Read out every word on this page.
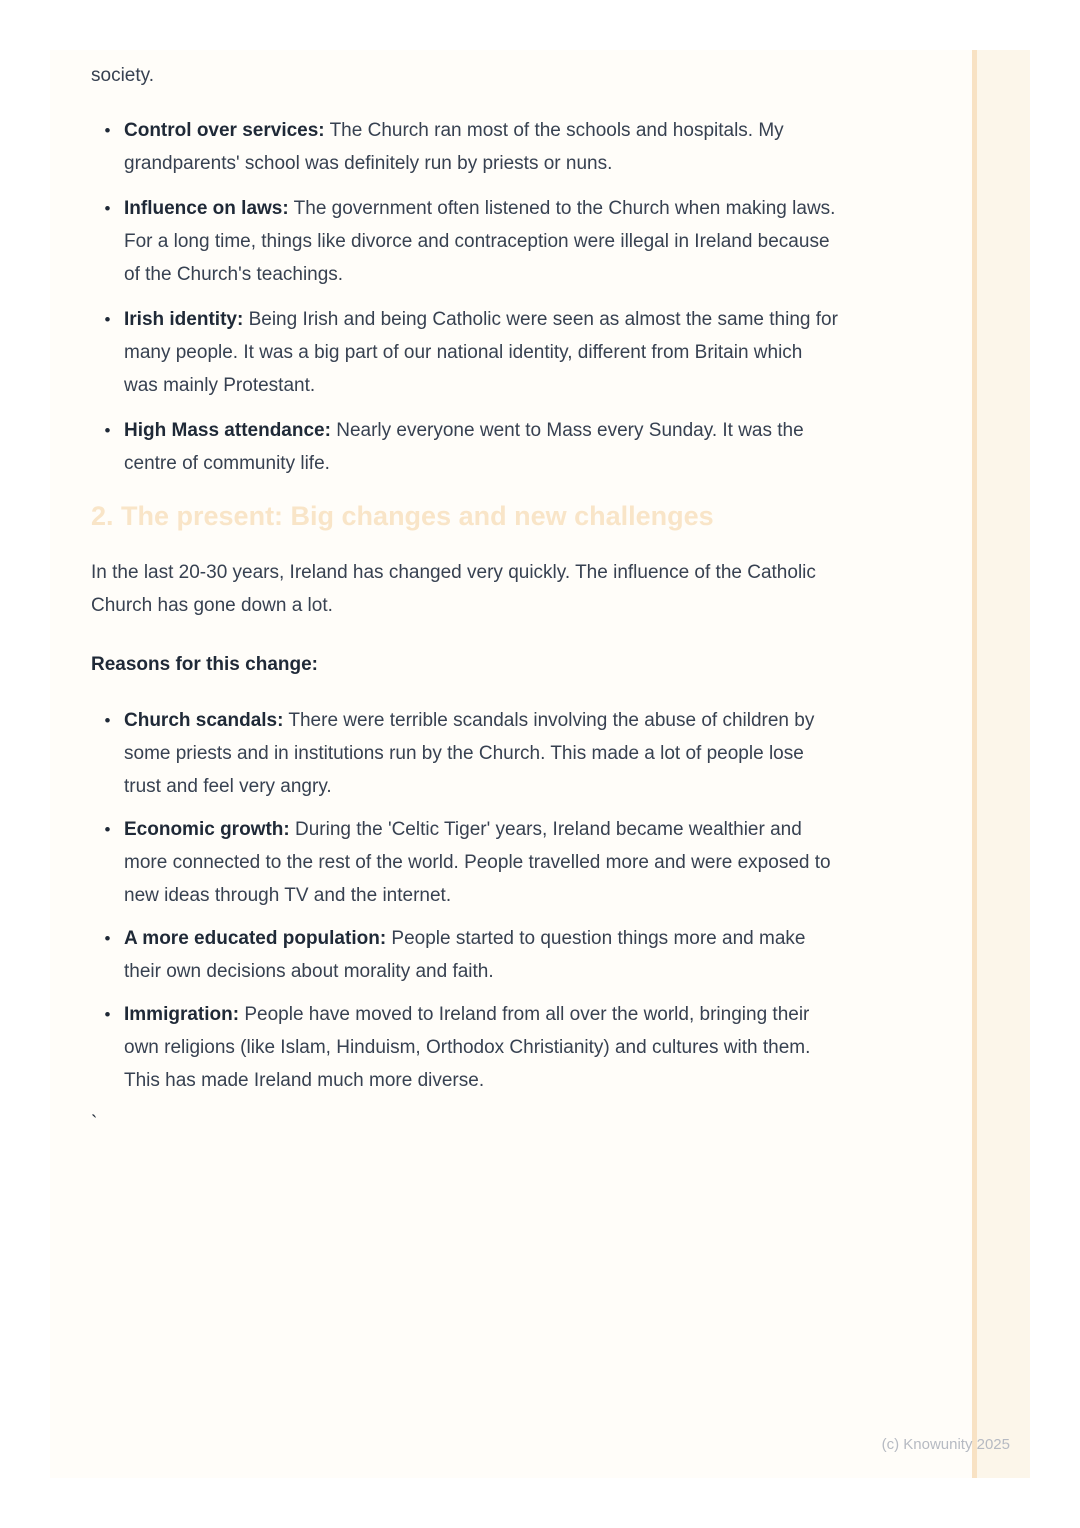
society.

• Control over services: The Church ran most of the schools and hospitals. My grandparents' school was definitely run by priests or nuns.
• Influence on laws: The government often listened to the Church when making laws. For a long time, things like divorce and contraception were illegal in Ireland because of the Church's teachings.
• Irish identity: Being Irish and being Catholic were seen as almost the same thing for many people. It was a big part of our national identity, different from Britain which was mainly Protestant.
• High Mass attendance: Nearly everyone went to Mass every Sunday. It was the centre of community life.
2. The present: Big changes and new challenges

In the last 20-30 years, Ireland has changed very quickly. The influence of the Catholic Church has gone down a lot.

Reasons for this change:

• Church scandals: There were terrible scandals involving the abuse of children by some priests and in institutions run by the Church. This made a lot of people lose trust and feel very angry.
• Economic growth: During the 'Celtic Tiger' years, Ireland became wealthier and more connected to the rest of the world. People travelled more and were exposed to new ideas through TV and the internet.
• A more educated population: People started to question things more and make their own decisions about morality and faith.
• Immigration: People have moved to Ireland from all over the world, bringing their own religions (like Islam, Hinduism, Orthodox Christianity) and cultures with them. This has made Ireland much more diverse.
`
(c) Knowunity 2025
